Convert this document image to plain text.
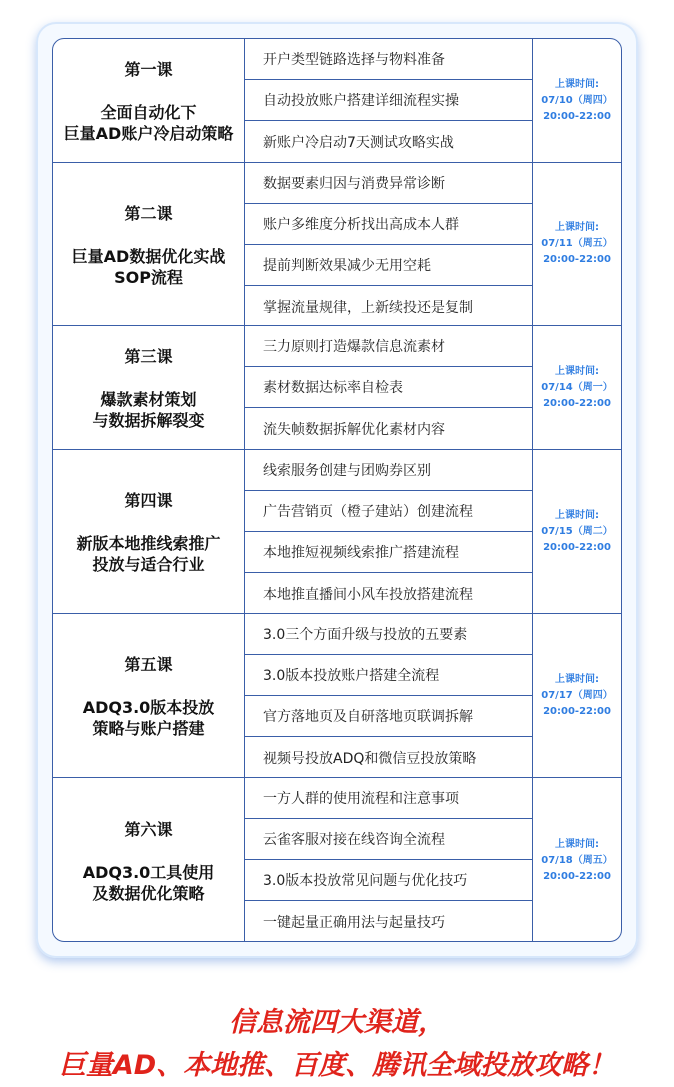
第一课
全面自动化下
巨量AD账户冷启动策略
开户类型链路选择与物料准备
自动投放账户搭建详细流程实操
新账户冷启动7天测试攻略实战
上课时间:
07/10（周四）
20:00-22:00
第二课
巨量AD数据优化实战
SOP流程
数据要素归因与消费异常诊断
账户多维度分析找出高成本人群
提前判断效果减少无用空耗
掌握流量规律，上新续投还是复制
上课时间:
07/11（周五）
20:00-22:00
第三课
爆款素材策划
与数据拆解裂变
三力原则打造爆款信息流素材
素材数据达标率自检表
流失帧数据拆解优化素材内容
上课时间:
07/14（周一）
20:00-22:00
第四课
新版本地推线索推广
投放与适合行业
线索服务创建与团购券区别
广告营销页（橙子建站）创建流程
本地推短视频线索推广搭建流程
本地推直播间小风车投放搭建流程
上课时间:
07/15（周二）
20:00-22:00
第五课
ADQ3.0版本投放
策略与账户搭建
3.0三个方面升级与投放的五要素
3.0版本投放账户搭建全流程
官方落地页及自研落地页联调拆解
视频号投放ADQ和微信豆投放策略
上课时间:
07/17（周四）
20:00-22:00
第六课
ADQ3.0工具使用
及数据优化策略
一方人群的使用流程和注意事项
云雀客服对接在线咨询全流程
3.0版本投放常见问题与优化技巧
一键起量正确用法与起量技巧
上课时间:
07/18（周五）
20:00-22:00
信息流四大渠道，
巨量AD、本地推、百度、腾讯全域投放攻略！
